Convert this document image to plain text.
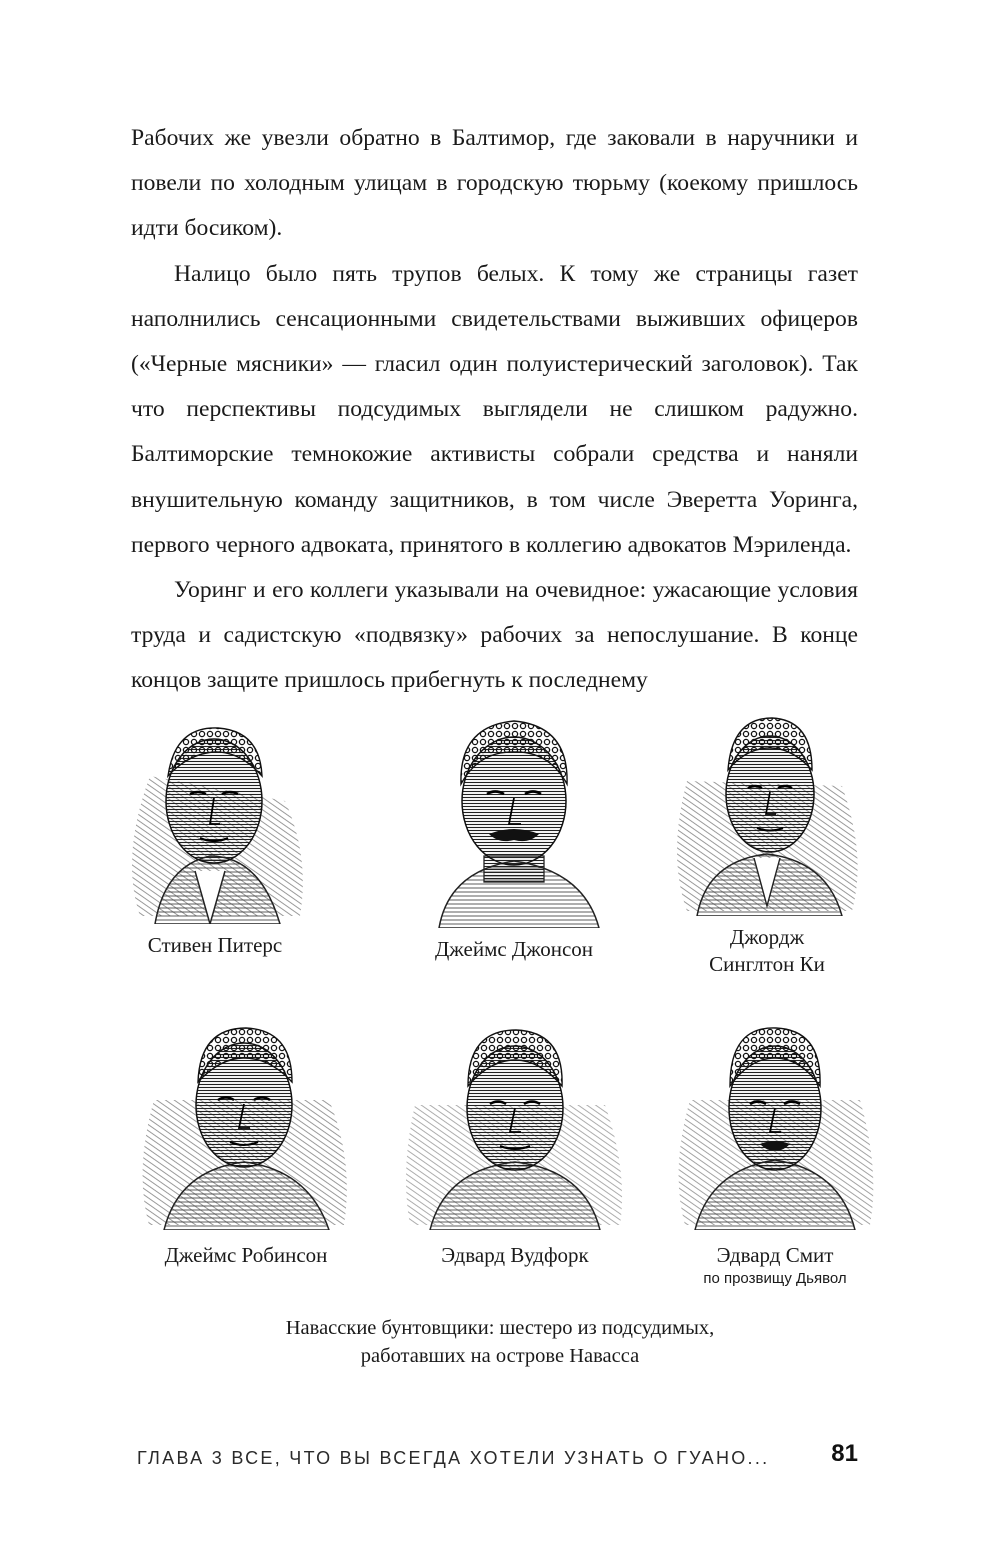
Рабочих же увезли обратно в Балтимор, где заковали в наручники и повели по холодным улицам в городскую тюрьму (коекому пришлось идти босиком).

Налицо было пять трупов белых. К тому же страницы газет наполнились сенсационными свидетельствами выживших офицеров («Черные мясники» — гласил один полуистерический заголовок). Так что перспективы подсудимых выглядели не слишком радужно. Балтиморские темнокожие активисты собрали средства и наняли внушительную команду защитников, в том числе Эверетта Уоринга, первого черного адвоката, принятого в коллегию адвокатов Мэриленда.

Уоринг и его коллеги указывали на очевидное: ужасающие условия труда и садистскую «подвязку» рабочих за непослушание. В конце концов защите пришлось прибегнуть к последнему

Стивен Питерс	Джеймс Джонсон	Джордж
Синглтон Ки
Джеймс Робинсон	Эдвард Вудфорк	Эдвард Смит
по прозвищу Дьявол
Навасские бунтовщики: шестеро из подсудимых,
работавших на острове Навасса
ГЛАВА 3 ВСЕ, ЧТО ВЫ ВСЕГДА ХОТЕЛИ УЗНАТЬ О ГУАНО...	81
